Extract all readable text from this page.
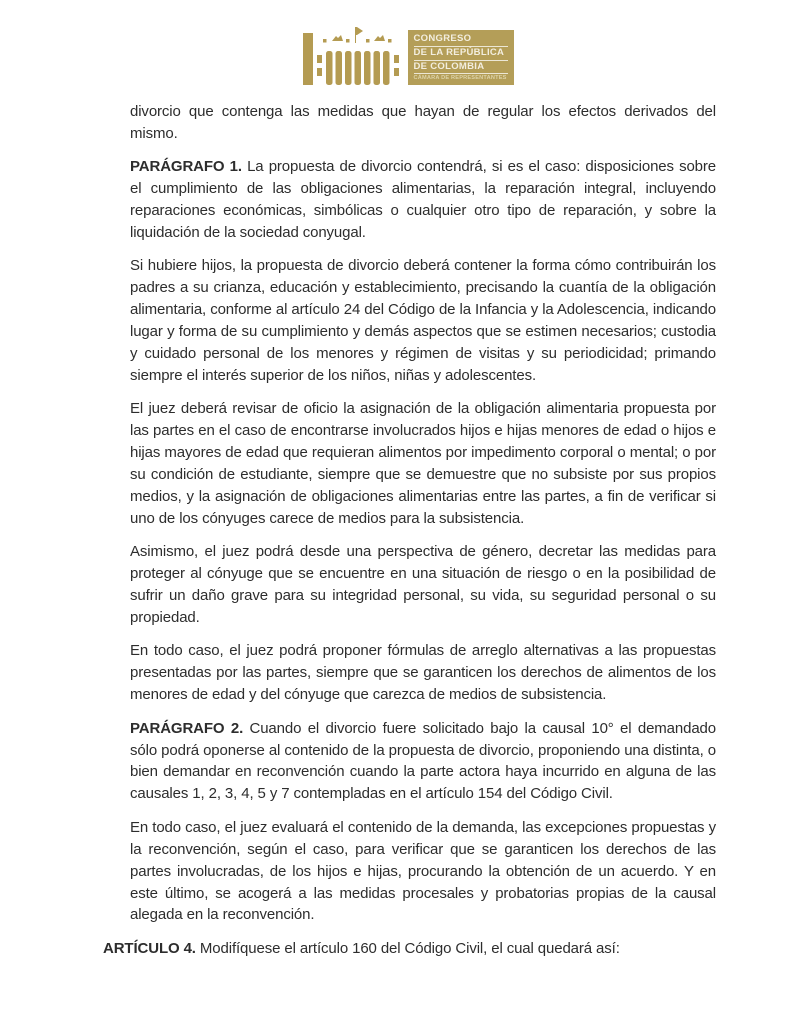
CONGRESO
DE LA REPÚBLICA
DE COLOMBIA
CÁMARA DE REPRESENTANTES

divorcio que contenga las medidas que hayan de regular los efectos derivados del mismo.

PARÁGRAFO 1. La propuesta de divorcio contendrá, si es el caso: disposiciones sobre el cumplimiento de las obligaciones alimentarias, la reparación integral, incluyendo reparaciones económicas, simbólicas o cualquier otro tipo de reparación, y sobre la liquidación de la sociedad conyugal.

Si hubiere hijos, la propuesta de divorcio deberá contener la forma cómo contribuirán los padres a su crianza, educación y establecimiento, precisando la cuantía de la obligación alimentaria, conforme al artículo 24 del Código de la Infancia y la Adolescencia, indicando lugar y forma de su cumplimiento y demás aspectos que se estimen necesarios; custodia y cuidado personal de los menores y régimen de visitas y su periodicidad; primando siempre el interés superior de los niños, niñas y adolescentes.

El juez deberá revisar de oficio la asignación de la obligación alimentaria propuesta por las partes en el caso de encontrarse involucrados hijos e hijas menores de edad o hijos e hijas mayores de edad que requieran alimentos por impedimento corporal o mental; o por su condición de estudiante, siempre que se demuestre que no subsiste por sus propios medios, y la asignación de obligaciones alimentarias entre las partes, a fin de verificar si uno de los cónyuges carece de medios para la subsistencia.

Asimismo, el juez podrá desde una perspectiva de género, decretar las medidas para proteger al cónyuge que se encuentre en una situación de riesgo o en la posibilidad de sufrir un daño grave para su integridad personal, su vida, su seguridad personal o su propiedad.

En todo caso, el juez podrá proponer fórmulas de arreglo alternativas a las propuestas presentadas por las partes, siempre que se garanticen los derechos de alimentos de los menores de edad y del cónyuge que carezca de medios de subsistencia.

PARÁGRAFO 2. Cuando el divorcio fuere solicitado bajo la causal 10° el demandado sólo podrá oponerse al contenido de la propuesta de divorcio, proponiendo una distinta, o bien demandar en reconvención cuando la parte actora haya incurrido en alguna de las causales 1, 2, 3, 4, 5 y 7 contempladas en el artículo 154 del Código Civil.

En todo caso, el juez evaluará el contenido de la demanda, las excepciones propuestas y la reconvención, según el caso, para verificar que se garanticen los derechos de las partes involucradas, de los hijos e hijas, procurando la obtención de un acuerdo. Y en este último, se acogerá a las medidas procesales y probatorias propias de la causal alegada en la reconvención.

ARTÍCULO 4. Modifíquese el artículo 160 del Código Civil, el cual quedará así:
